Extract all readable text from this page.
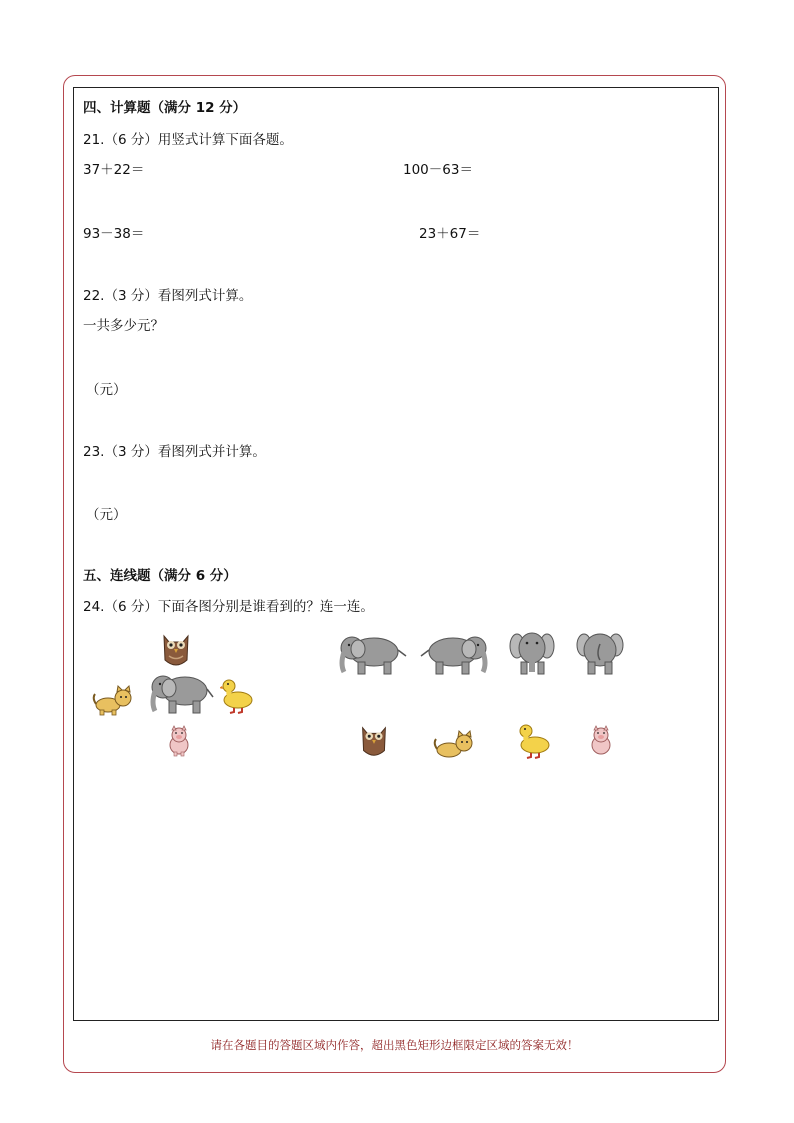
四、计算题（满分 12 分）
21.（6 分）用竖式计算下面各题。
37＋22＝	100－63＝
93－38＝	23＋67＝
22.（3 分）看图列式计算。
一共多少元？
（元）
23.（3 分）看图列式并计算。
（元）
五、连线题（满分 6 分）
24.（6 分）下面各图分别是谁看到的？连一连。
请在各题目的答题区域内作答，超出黑色矩形边框限定区域的答案无效！
